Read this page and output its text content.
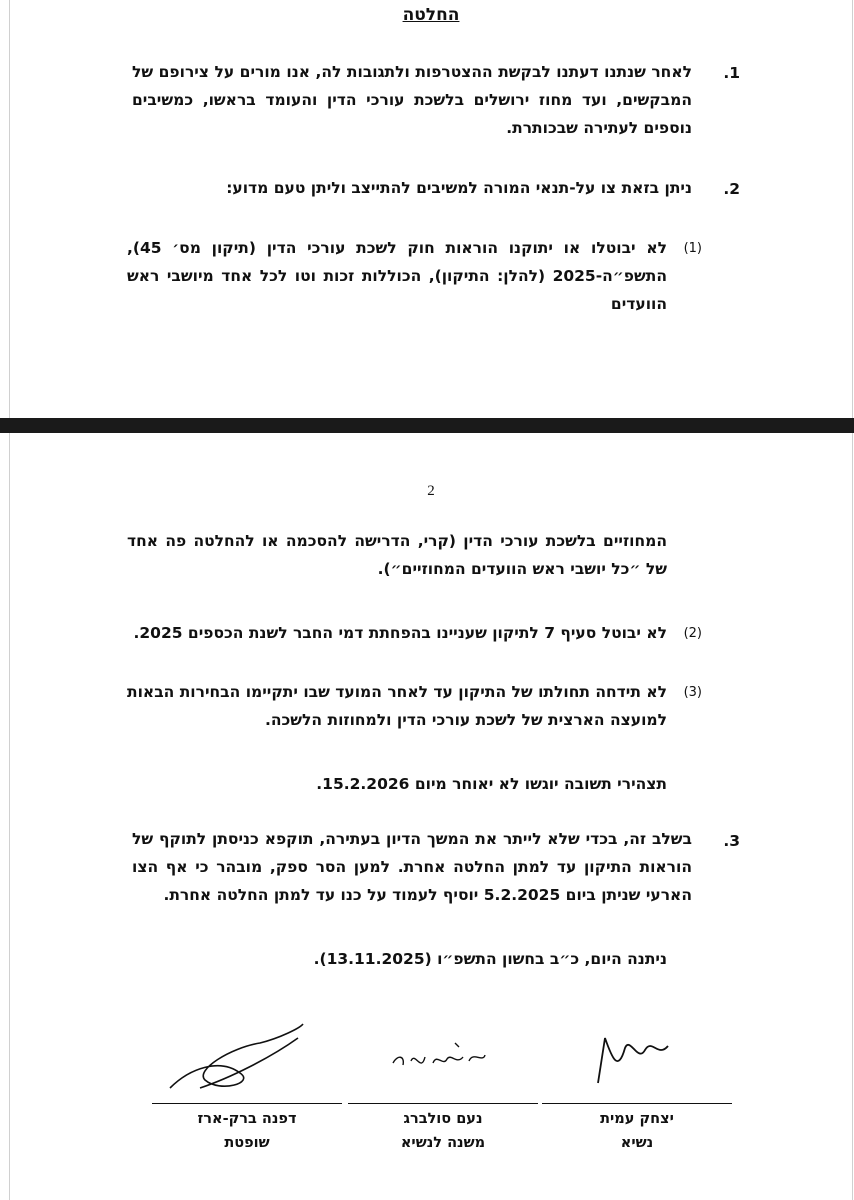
החלטה
.1
לאחר שנתנו דעתנו לבקשת ההצטרפות ולתגובות לה, אנו מורים על צירופם של המבקשים, ועד מחוז ירושלים בלשכת עורכי הדין והעומד בראשו, כמשיבים נוספים לעתירה שבכותרת.
.2
ניתן בזאת צו על-תנאי המורה למשיבים להתייצב וליתן טעם מדוע:
(1)
לא יבוטלו או יתוקנו הוראות חוק לשכת עורכי הדין (תיקון מס׳ 45), התשפ״ה-2025 (להלן: התיקון), הכוללות זכות וטו לכל אחד מיושבי ראש הוועדים
2
המחוזיים בלשכת עורכי הדין (קרי, הדרישה להסכמה או להחלטה פה אחד של ״כל יושבי ראש הוועדים המחוזיים״).
(2)
לא יבוטל סעיף 7 לתיקון שעניינו בהפחתת דמי החבר לשנת הכספים 2025.
(3)
לא תידחה תחולתו של התיקון עד לאחר המועד שבו יתקיימו הבחירות הבאות למועצה הארצית של לשכת עורכי הדין ולמחוזות הלשכה.
תצהירי תשובה יוגשו לא יאוחר מיום 15.2.2026.
.3
בשלב זה, בכדי שלא לייתר את המשך הדיון בעתירה, תוקפא כניסתן לתוקף של הוראות התיקון עד למתן החלטה אחרת. למען הסר ספק, מובהר כי אף הצו הארעי שניתן ביום 5.2.2025 יוסיף לעמוד על כנו עד למתן החלטה אחרת.
ניתנה היום, כ״ב בחשון התשפ״ו (13.11.2025).
יצחק עמית
נשיא
נעם סולברג
משנה לנשיא
דפנה ברק-ארז
שופטת
